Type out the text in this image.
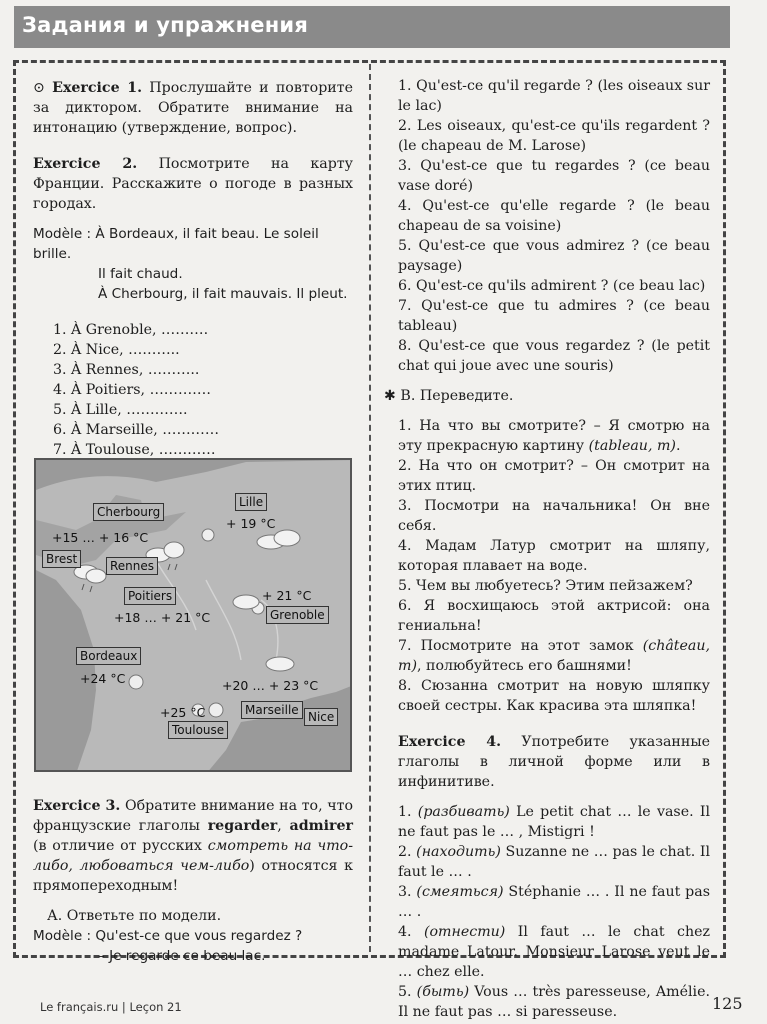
Задания и упражнения

⊙ Exercice 1. Прослушайте и повторите за диктором. Обратите внимание на интонацию (утверждение, вопрос).

Exercice 2. Посмотрите на карту Франции. Расскажите о погоде в разных городах.

Modèle : À Bordeaux, il fait beau. Le soleil brille.

Il fait chaud.

À Cherbourg, il fait mauvais. Il pleut.

1. À Grenoble, ……….

2. À Nice, ………..

3. À Rennes, ………..

4. À Poitiers, ………….

5. À Lille, ………….

6. À Marseille, …………

7. À Toulouse, …………

Cherbourg
+15 … + 16 °C
Brest	Rennes
Poitiers
+18 … + 21 °C
Lille
+ 19 °C
+ 21 °C
Grenoble
Bordeaux
+24 °C	+20 … + 23 °C
+25 °C	Marseille Nice
Toulouse

Exercice 3. Обратите внимание на то, что французские глаголы regarder, admirer (в отличие от русских смотреть на что-либо, любоваться чем-либо) относятся к прямопереходным!

А. Ответьте по модели.

Modèle : Qu'est-ce que vous regardez ?

– Je regarde ce beau lac.

1. Qu'est-ce qu'il regarde ? (les oiseaux sur le lac)

2. Les oiseaux, qu'est-ce qu'ils regardent ? (le chapeau de M. Larose)

3. Qu'est-ce que tu regardes ? (ce beau vase doré)

4. Qu'est-ce qu'elle regarde ? (le beau chapeau de sa voisine)

5. Qu'est-ce que vous admirez ? (ce beau paysage)

6. Qu'est-ce qu'ils admirent ? (ce beau lac)

7. Qu'est-ce que tu admires ? (ce beau tableau)

8. Qu'est-ce que vous regardez ? (le petit chat qui joue avec une souris)

✱ В. Переведите.

1. На что вы смотрите? – Я смотрю на эту прекрасную картину (tableau, m).

2. На что он смотрит? – Он смотрит на этих птиц.

3. Посмотри на начальника! Он вне себя.

4. Мадам Латур смотрит на шляпу, которая плавает на воде.

5. Чем вы любуетесь? Этим пейзажем?

6. Я восхищаюсь этой актрисой: она гениальна!

7. Посмотрите на этот замок (château, m), полюбуйтесь его башнями!

8. Сюзанна смотрит на новую шляпку своей сестры. Как красива эта шляпка!

Exercice 4. Употребите указанные глаголы в личной форме или в инфинитиве.

1. (разбивать) Le petit chat … le vase. Il ne faut pas le … , Mistigri !

2. (находить) Suzanne ne … pas le chat. Il faut le … .

3. (смеяться) Stéphanie … . Il ne faut pas … .

4. (отнести) Il faut … le chat chez madame Latour. Monsieur Larose veut le … chez elle.

5. (быть) Vous … très paresseuse, Amélie. Il ne faut pas … si paresseuse.

Le français.ru | Leçon 21	125
